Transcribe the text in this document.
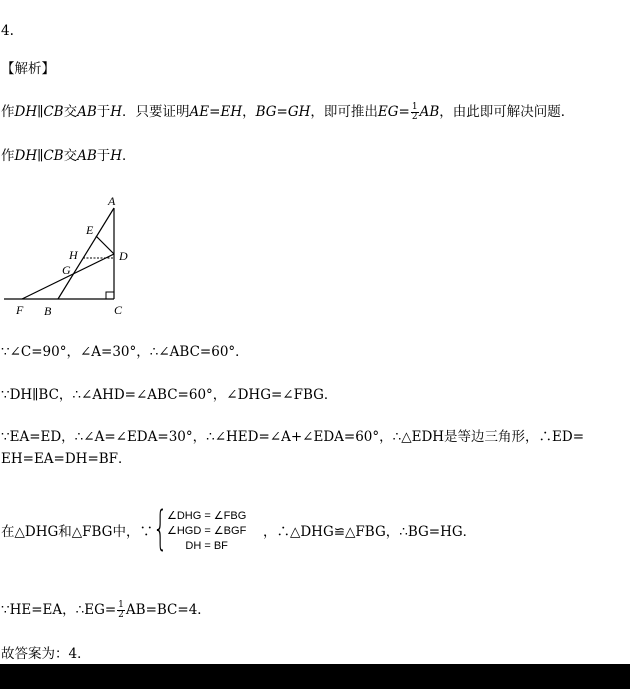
4.
【解析】
作DH∥CB交AB于H．只要证明AE=EH，BG=GH，即可推出$EG= \frac{1}{2}$ AB，由此即可解决问题．
作DH∥CB交AB于H．
A
E
H	D
G
F B	C
∵∠C=90°，∠A=30°，∴∠ABC=60°．
∵DH∥BC，∴∠AHD=∠ABC=60°，∠DHG=∠FBG．
∵EA=ED，∴∠A=∠EDA=30°，∴∠HED=∠A+∠EDA=60°，∴△EDH是等边三角形，∴ED=
EH=EA=DH=BF．
在△DHG和△FBG中，∵ { ∠DHG = ∠FBG
∠HGD = ∠BGF
DH = BF
，∴△DHG≌△FBG，∴BG=HG．
∵HE=EA，∴EG= $\frac{1}{2} AB=BC=4$．
故答案为：4．
